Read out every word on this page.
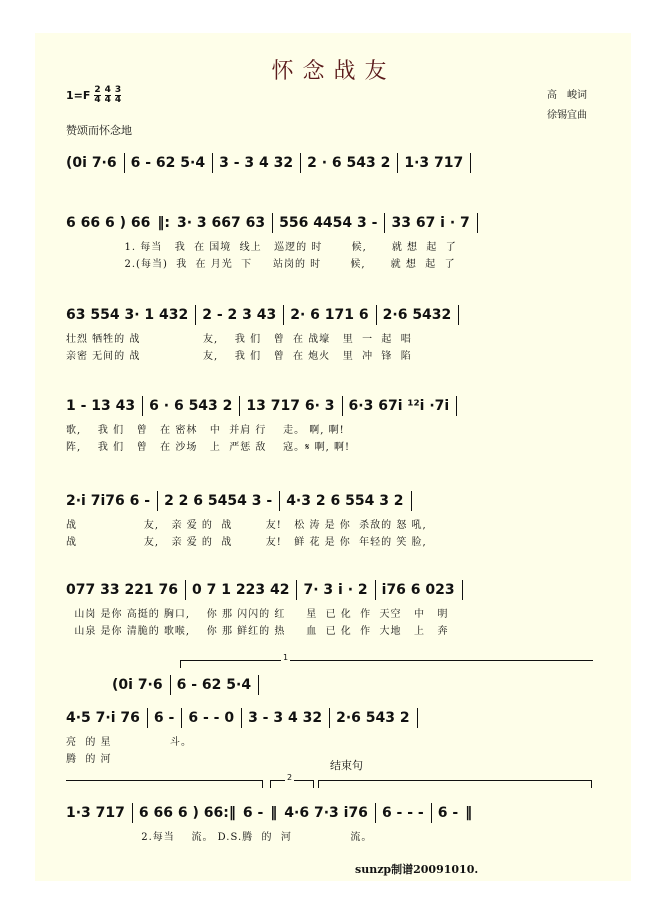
怀念战友
$1=F \frac{2}{4} \frac{4}{4} \frac{3}{4}$	高　峻词
徐锡宜曲
赞颂而怀念地
(0i 7·6 6 - 62 5·4 3 - 3 4 32 2 · 6 543 2 1·3 717
6 66 6 ) 66 ‖: 3· 3 667 63 556 4454 3 - 33 67 i · 7
1. 每当   我  在 国境  线上   巡逻的 时       候,      就 想  起  了
2.(每当)  我  在 月光  下     站岗的 时       候,      就 想  起  了
63 554 3· 1 432 2 - 2 3 43 2· 6 171 6 2·6 5432
壮烈 牺牲的 战               友,    我 们   曾  在 战壕   里  一  起  唱
亲密 无间的 战               友,    我 们   曾  在 炮火   里  冲  锋  陷
1 - 13 43 6 · 6 543 2 13 717 6· 3 6·3 67i ¹²i ·7i
歌,    我 们   曾   在 密林   中  并肩 行    走。 啊, 啊!
阵,    我 们   曾   在 沙场   上  严惩 敌    寇。𝄋 啊, 啊!
2·i 7i76 6 - 2 2 6 5454 3 - 4·3 2 6 554 3 2
战                友,   亲 爱 的  战        友!   松 涛 是 你  杀敌的 怒 吼,
战                友,   亲 爱 的  战        友!   鲜 花 是 你  年轻的 笑 脸,
077 33 221 76 0 7 1 223 42 7· 3 i · 2 i76 6 023
山岗 是你 高挺的 胸口,    你 那 闪闪的 红     星  已 化  作  天空   中   明
山泉 是你 清脆的 歌喉,    你 那 鲜红的 热     血  已 化  作  大地   上   奔
(0i 7·6 6 - 62 5·4
4·5 7·i 76 6 - 6 - - 0 3 - 3 4 32 2·6 543 2
亮  的 星              斗。
腾  的 河
1·3 717 6 66 6 ) 66:‖ 6 - ‖ 4·6 7·3 i76 6 - - - 6 - ‖
2.每当    流。 D.S.腾  的  河              流。
1
2
结束句
sunzp制谱20091010.
